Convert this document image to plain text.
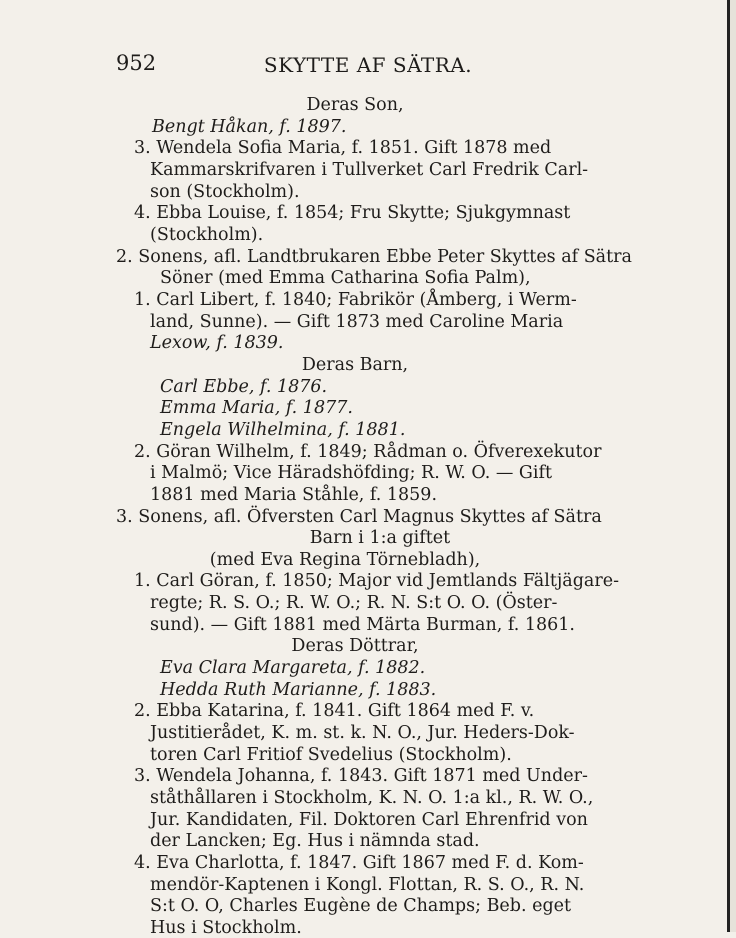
952	SKYTTE AF SÄTRA.
Deras Son,
Bengt Håkan, f. 1897.
3. Wendela Sofia Maria, f. 1851. Gift 1878 med
Kammarskrifvaren i Tullverket Carl Fredrik Carl-
son (Stockholm).
4. Ebba Louise, f. 1854; Fru Skytte; Sjukgymnast
(Stockholm).
2. Sonens, afl. Landtbrukaren Ebbe Peter Skyttes af Sätra
Söner (med Emma Catharina Sofia Palm),
1. Carl Libert, f. 1840; Fabrikör (Åmberg, i Werm-
land, Sunne). — Gift 1873 med Caroline Maria
Lexow, f. 1839.
Deras Barn,
Carl Ebbe, f. 1876.
Emma Maria, f. 1877.
Engela Wilhelmina, f. 1881.
2. Göran Wilhelm, f. 1849; Rådman o. Öfverexekutor
i Malmö; Vice Häradshöfding; R. W. O. — Gift
1881 med Maria Ståhle, f. 1859.
3. Sonens, afl. Öfversten Carl Magnus Skyttes af Sätra
Barn i 1:a giftet
(med Eva Regina Törnebladh),
1. Carl Göran, f. 1850; Major vid Jemtlands Fältjägare-
regte; R. S. O.; R. W. O.; R. N. S:t O. O. (Öster-
sund). — Gift 1881 med Märta Burman, f. 1861.
Deras Döttrar,
Eva Clara Margareta, f. 1882.
Hedda Ruth Marianne, f. 1883.
2. Ebba Katarina, f. 1841. Gift 1864 med F. v.
Justitierådet, K. m. st. k. N. O., Jur. Heders-Dok-
toren Carl Fritiof Svedelius (Stockholm).
3. Wendela Johanna, f. 1843. Gift 1871 med Under-
ståthållaren i Stockholm, K. N. O. 1:a kl., R. W. O.,
Jur. Kandidaten, Fil. Doktoren Carl Ehrenfrid von
der Lancken; Eg. Hus i nämnda stad.
4. Eva Charlotta, f. 1847. Gift 1867 med F. d. Kom-
mendör-Kaptenen i Kongl. Flottan, R. S. O., R. N.
S:t O. O, Charles Eugène de Champs; Beb. eget
Hus i Stockholm.
